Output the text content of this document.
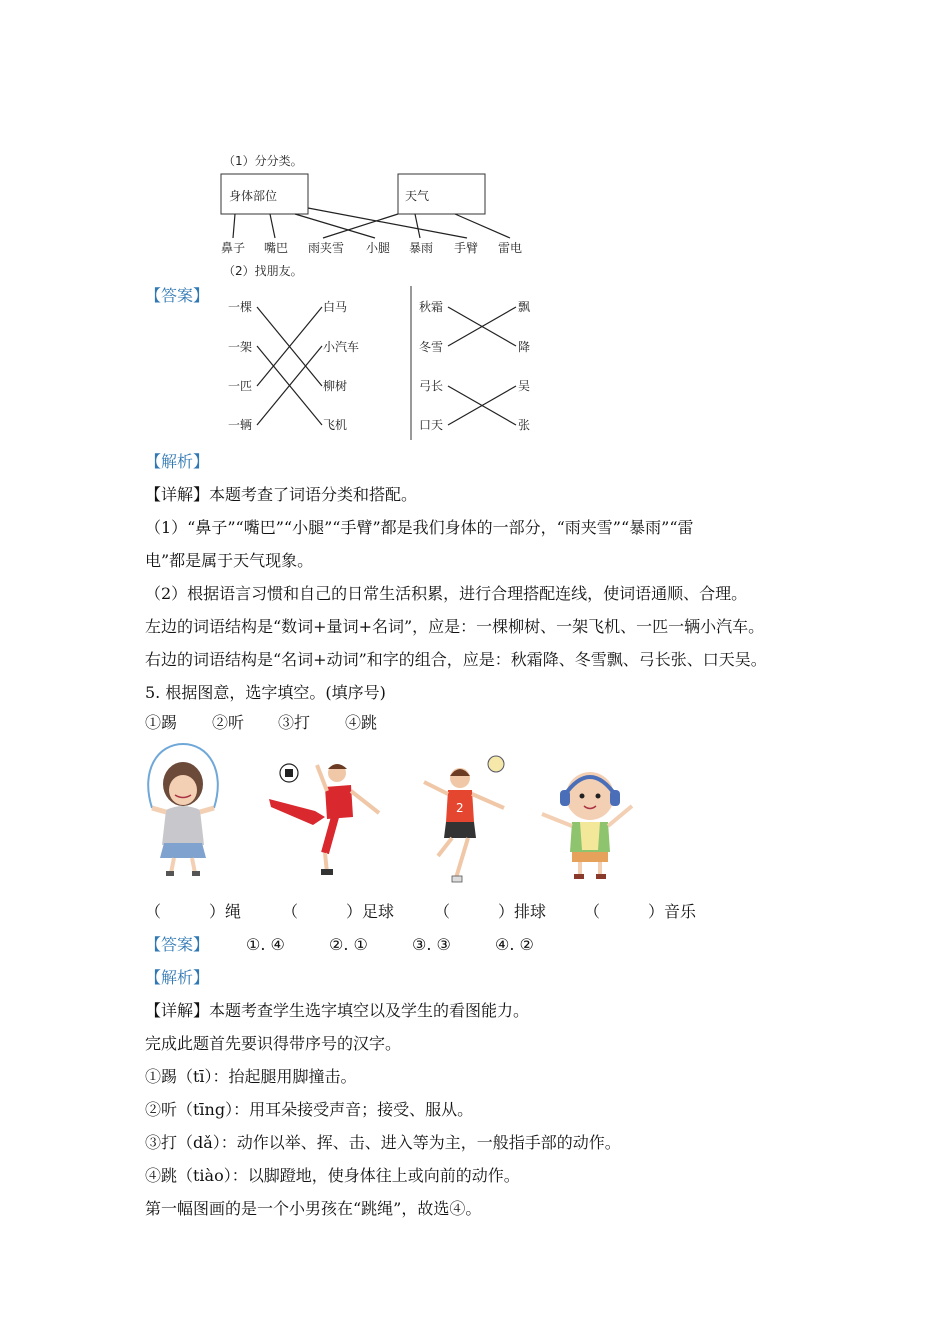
（1）分分类。
身体部位	天气
鼻子 嘴巴 雨夹雪 小腿 暴雨 手臂 雷电
（2）找朋友。
【答案】
一棵
一架
一匹
一辆
白马
小汽车
柳树
飞机
秋霜
冬雪
弓长
口天
飘
降
吴
张
【解析】
【详解】本题考查了词语分类和搭配。
（1）“鼻子”“嘴巴”“小腿”“手臂”都是我们身体的一部分，“雨夹雪”“暴雨”“雷
电”都是属于天气现象。
（2）根据语言习惯和自己的日常生活积累，进行合理搭配连线，使词语通顺、合理。
左边的词语结构是“数词+量词+名词”，应是：一棵柳树、一架飞机、一匹一辆小汽车。
右边的词语结构是“名词+动词”和字的组合，应是：秋霜降、冬雪飘、弓长张、口天吴。
5. 根据图意，选字填空。(填序号)
①踢 ②听 ③打 ④跳
2
（　　　）绳	（　　　）足球 （　　　）排球 （　　　）音乐
【答案】 ①. ④	②. ①	③. ③	④. ②
【解析】
【详解】本题考查学生选字填空以及学生的看图能力。
完成此题首先要识得带序号的汉字。
①踢（tī）：抬起腿用脚撞击。
②听（tīng）：用耳朵接受声音；接受、服从。
③打（dǎ）：动作以举、挥、击、进入等为主，一般指手部的动作。
④跳（tiào）：以脚蹬地，使身体往上或向前的动作。
第一幅图画的是一个小男孩在“跳绳”，故选④。
